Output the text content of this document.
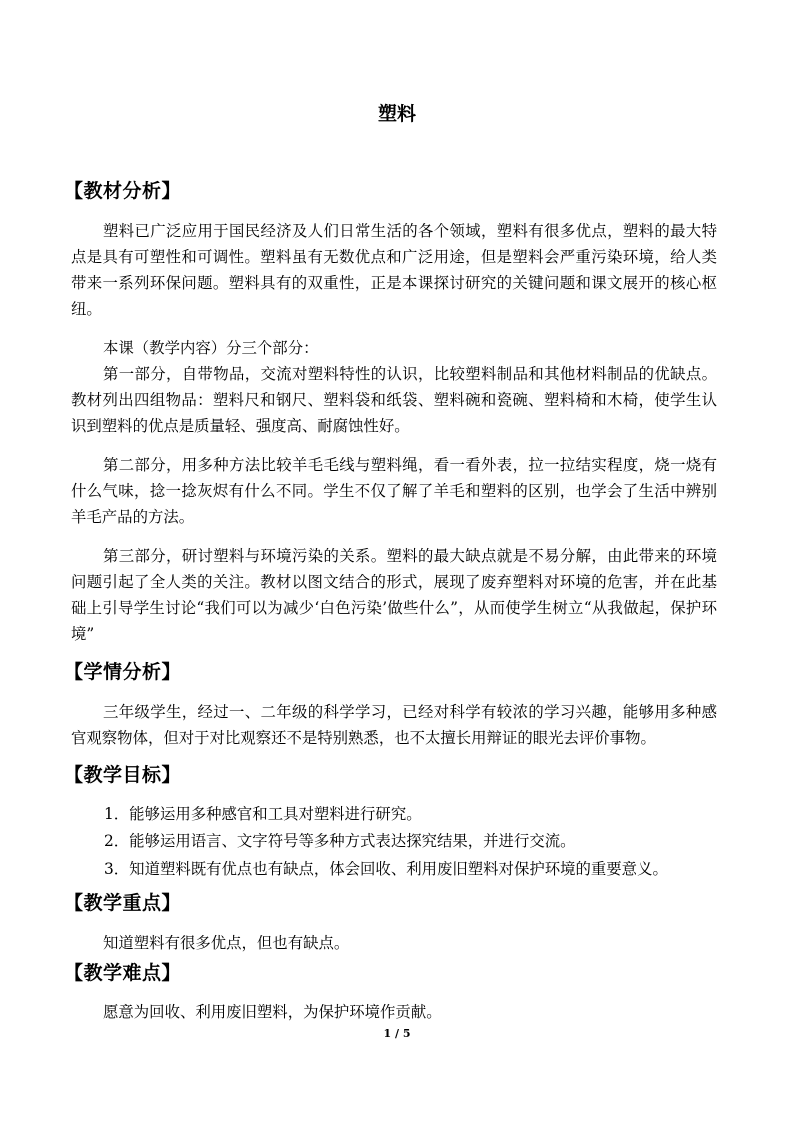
塑料
【教材分析】

塑料已广泛应用于国民经济及人们日常生活的各个领域，塑料有很多优点，塑料的最大特点是具有可塑性和可调性。塑料虽有无数优点和广泛用途，但是塑料会严重污染环境，给人类带来一系列环保问题。塑料具有的双重性，正是本课探讨研究的关键问题和课文展开的核心枢纽。

本课（教学内容）分三个部分：

第一部分，自带物品，交流对塑料特性的认识，比较塑料制品和其他材料制品的优缺点。教材列出四组物品：塑料尺和钢尺、塑料袋和纸袋、塑料碗和瓷碗、塑料椅和木椅，使学生认识到塑料的优点是质量轻、强度高、耐腐蚀性好。

第二部分，用多种方法比较羊毛毛线与塑料绳，看一看外表，拉一拉结实程度，烧一烧有什么气味，捻一捻灰烬有什么不同。学生不仅了解了羊毛和塑料的区别，也学会了生活中辨别羊毛产品的方法。

第三部分，研讨塑料与环境污染的关系。塑料的最大缺点就是不易分解，由此带来的环境问题引起了全人类的关注。教材以图文结合的形式，展现了废弃塑料对环境的危害，并在此基础上引导学生讨论“我们可以为减少‘白色污染’做些什么”，从而使学生树立“从我做起，保护环境”

【学情分析】

三年级学生，经过一、二年级的科学学习，已经对科学有较浓的学习兴趣，能够用多种感官观察物体，但对于对比观察还不是特别熟悉，也不太擅长用辩证的眼光去评价事物。

【教学目标】

1．能够运用多种感官和工具对塑料进行研究。

2．能够运用语言、文字符号等多种方式表达探究结果，并进行交流。

3．知道塑料既有优点也有缺点，体会回收、利用废旧塑料对保护环境的重要意义。

【教学重点】

知道塑料有很多优点，但也有缺点。

【教学难点】

愿意为回收、利用废旧塑料，为保护环境作贡献。

1 / 5
